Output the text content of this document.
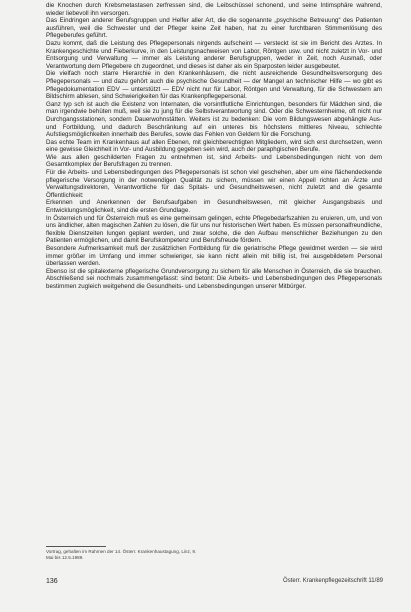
die Knochen durch Krebsmetastasen zerfressen sind, die Leibschüssel schonend, und seine Intimsphäre wahrend, wieder liebevoll ihn versorgen.

Das Eindringen anderer Berufsgruppen und Helfer aller Art, die die sogenannte „psychische Betreuung“ des Patienten ausführen, weil die Schwester und der Pfleger keine Zeit haben, hat zu einer furchtbaren Stimmenlösung des Pflegeberufes geführt.

Dazu kommt, daß die Leistung des Pflegepersonals nirgends aufscheint — versteckt ist sie im Bericht des Arztes. In Krankengeschichte und Fieberkurve, in den Leistungsnachweisen von Labor, Röntgen usw. und nicht zuletzt in Vor- und Entsorgung und Verwaltung — immer als Leistung anderer Berufsgruppen, weder in Zeit, noch Ausmaß, oder Verantwortung dem Pflegebere ch zugeordnet, und dieses ist daher als ein Sparposten leider ausgebeutet.

Die vielfach noch starre Hierarchie in den Krankenhäusern, die nicht ausreichende Gesundheitsversorgung des Pflegepersonals — und dazu gehört auch die psychische Gesundheit — der Mangel an technischer Hilfe — wo gibt es Pflegedokumentation EDV — unterstützt — EDV nicht nur für Labor, Röntgen und Verwaltung, für die Schwestern am Bildschirm ablesen, sind Schwierigkeiten für das Krankenpflegepersonal.

Ganz typ sch ist auch die Existenz von Internaten, die vorsintflutliche Einrichtungen, besonders für Mädchen sind, die man irgendwie behüten muß, weil sie zu jung für die Selbstverantwortung sind. Oder die Schwesternheime, oft nicht nur Durchgangsstationen, sondern Dauerwohnstätten. Weiters ist zu bedenken: Die vom Bildungswesen abgehängte Aus- und Fortbildung, und dadurch Beschränkung auf ein unteres bis höchstens mittleres Niveau, schlechte Aufstiegsmöglichkeiten innerhalb des Berufes, sowie das Fehlen von Geldern für die Forschung.

Das echte Team im Krankenhaus auf allen Ebenen, mit gleichberechtigten Mitgliedern, wird sich erst durchsetzen, wenn eine gewisse Gleichheit in Vor- und Ausbildung gegeben sein wird, auch der paraphgischen Berufe.

Wie aus allen geschilderten Fragen zu entnehmen ist, sind Arbeits- und Lebensbedingungen nicht von dem Gesamtkomplex der Berufsfragen zu trennen.

Für die Arbeits- und Lebensbedingungen des Pflegepersonals ist schon viel geschehen, aber um eine flächendeckende pflegerische Versorgung in der notwendigen Qualität zu sichern, müssen wir einen Appell richten an Ärzte und Verwaltungsdirektoren, Verantwortliche für das Spitals- und Gesundheitswesen, nicht zuletzt and die gesamte Öffentlichkeit:

Erkennen und Anerkennen der Berufsaufgaben im Gesundheitswesen, mit gleicher Ausgangsbasis und Entwicklungsmöglichkeit, sind die ersten Grundlage.

In Österreich und für Österreich muß es eine gemeinsam gelingen, echte Pflegebedarfszahlen zu eruieren, um, und von uns ändlicher, alten magischen Zahlen zu lösen, die für uns nur historischen Wert haben. Es müssen personalfreundliche, flexible Dienstzeiten lungen geplant werden, und zwar solche, die den Aufbau menschlicher Beziehungen zu den Patienten ermöglichen, und damit Berufskompetenz und Berufsfreude fördern.

Besondere Aufmerksamkeit muß der zusätzlichen Fortbildung für die geriatrische Pflege gewidmet werden — sie wird immer größer im Umfang und immer schwieriger, sie kann nicht allein mit billig ist, frei ausgebildetem Personal überlassen werden.

Ebenso ist die spitalexterne pflegerische Grundversorgung zu sichern für alle Menschen in Österreich, die sie brauchen. Abschließend sei nochmals zusammengefasst: sind betont: Die Arbeits- und Lebensbedingungen des Pflegepersonals bestimmen zugleich weitgehend die Gesundheits- und Lebensbedingungen unserer Mitbürger.

Vortrag, gehalten im Rahmen der 14. Österr. Krankenhaustagung, Linz, 9.
Mai bis 12.5.1989.
136	Österr. Krankenpflegezeitschrift 11/89
